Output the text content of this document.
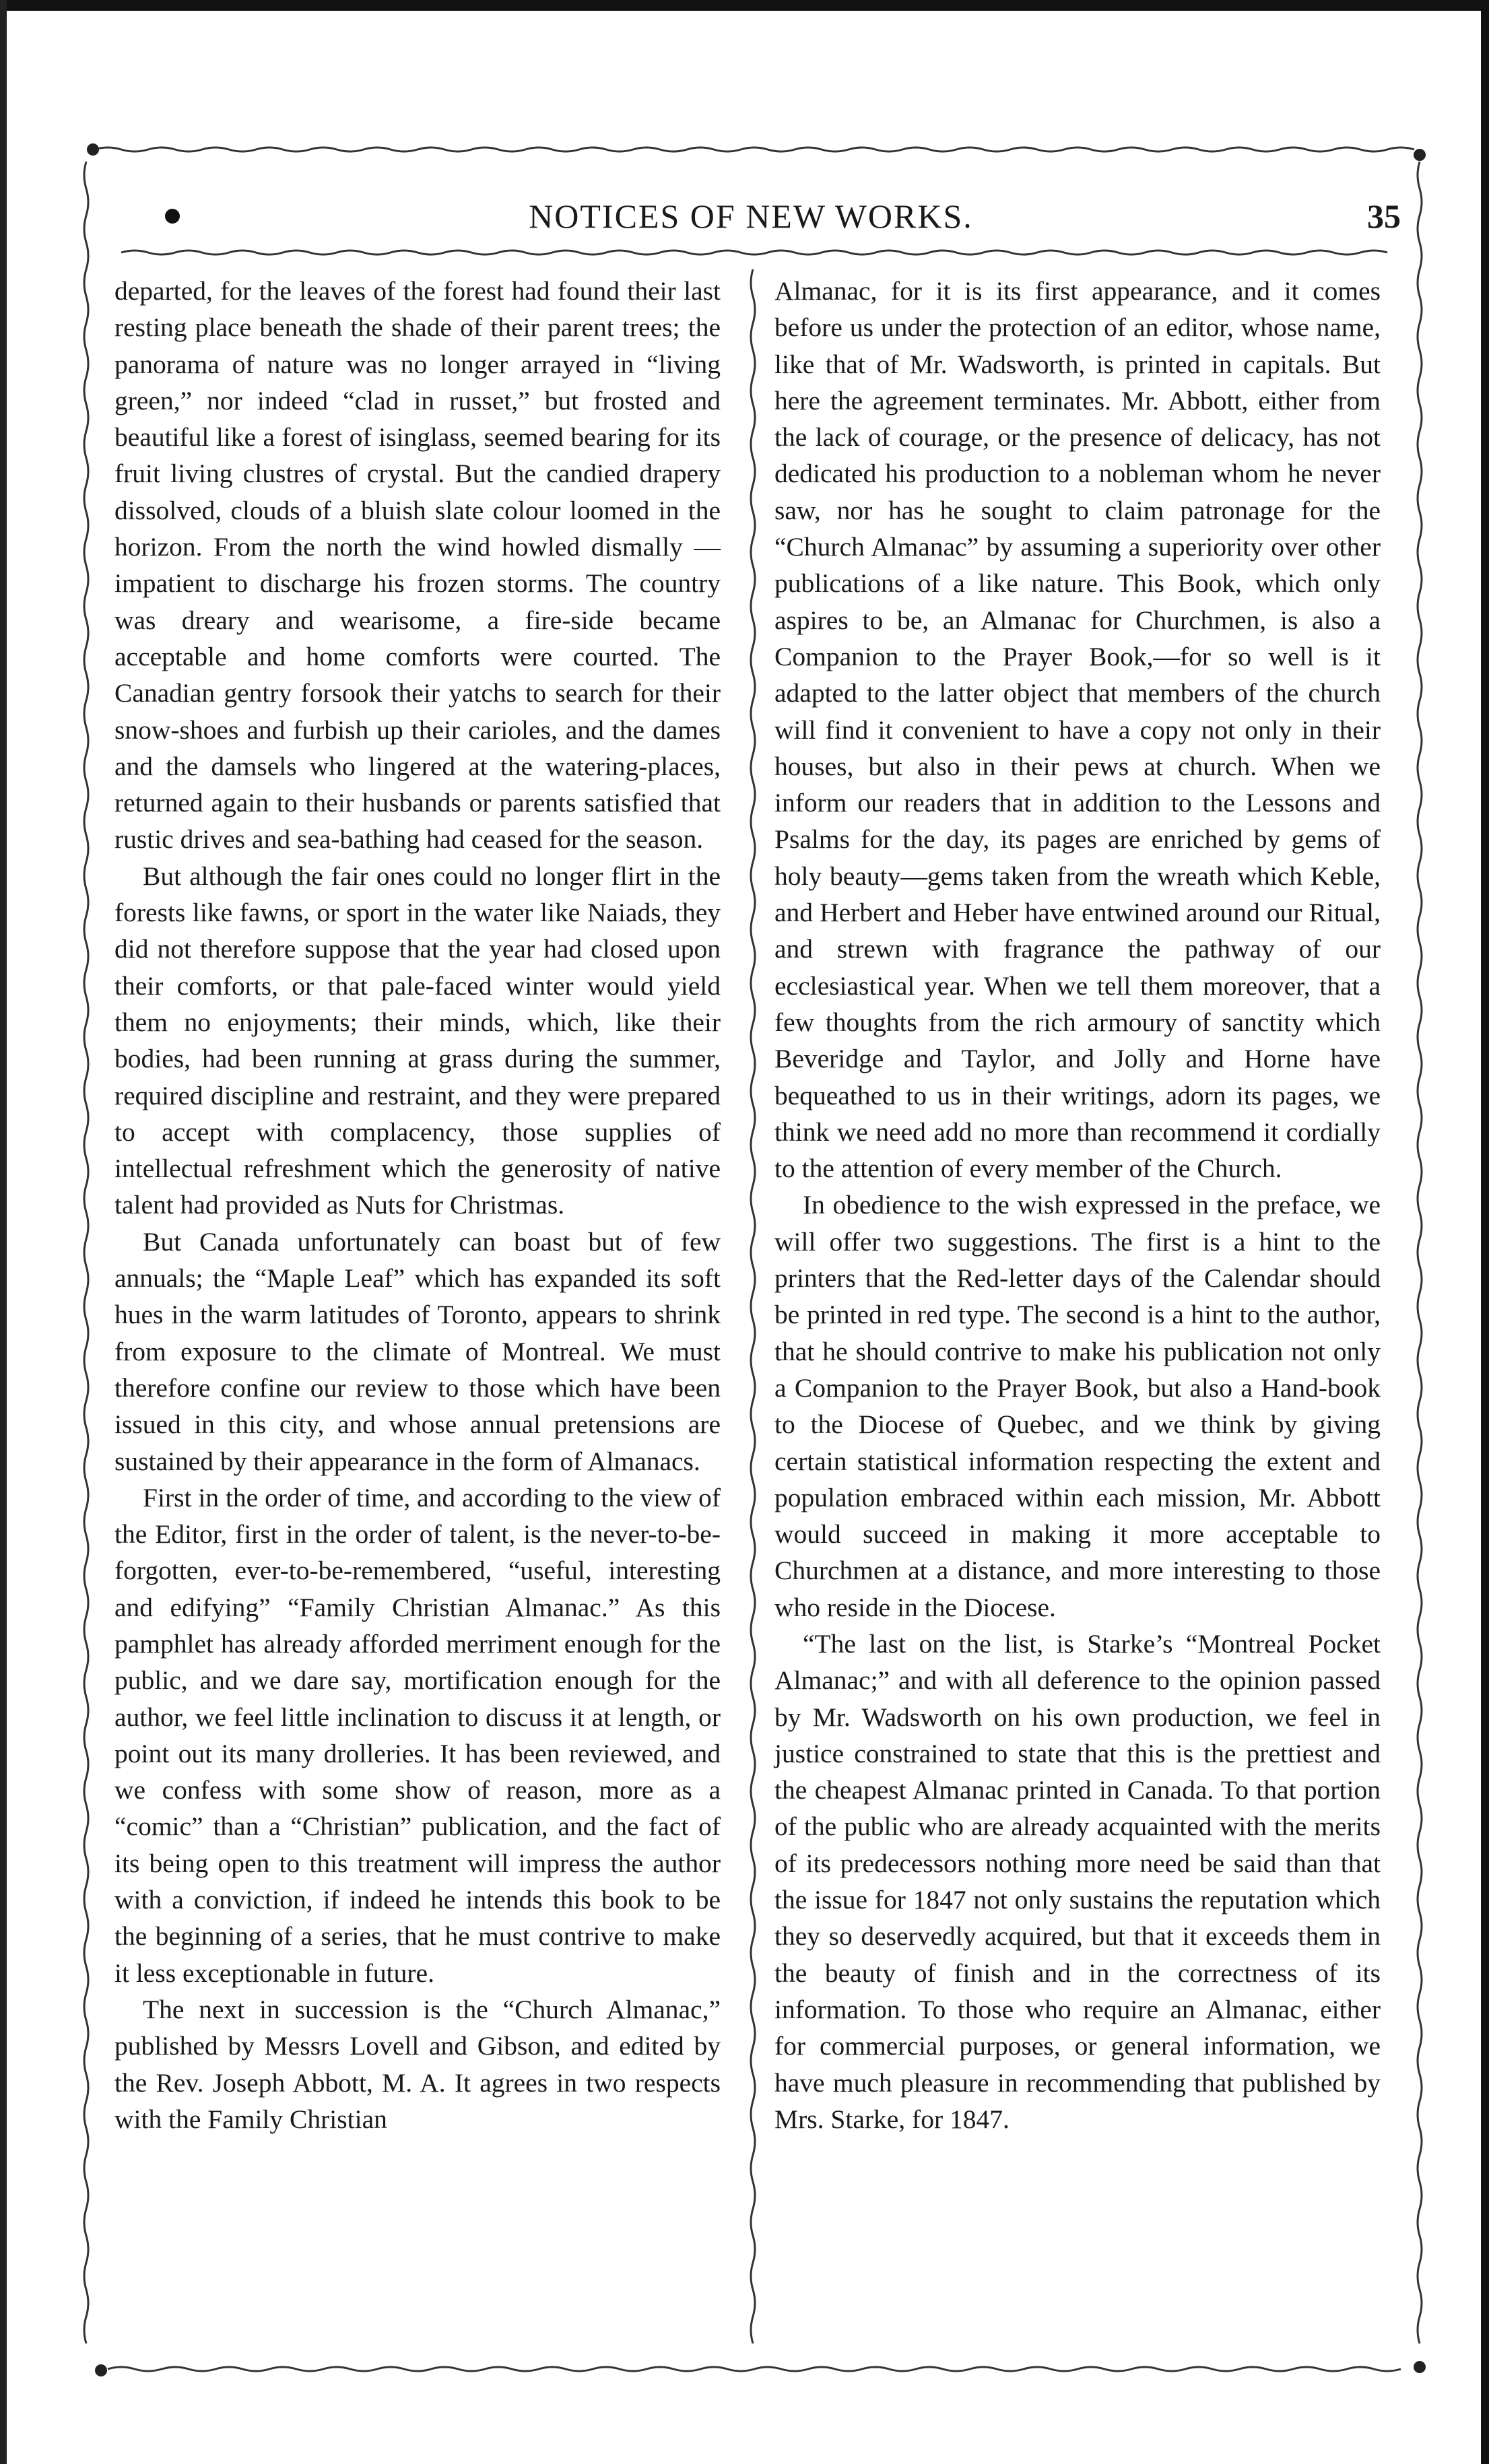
NOTICES OF NEW WORKS.	35

departed, for the leaves of the forest had found their last resting place beneath the shade of their parent trees; the panorama of nature was no longer arrayed in “living green,” nor indeed “clad in russet,” but frosted and beautiful like a forest of isinglass, seemed bearing for its fruit living clustres of crystal. But the candied drapery dissolved, clouds of a bluish slate colour loomed in the horizon. From the north the wind howled dismally —impatient to discharge his frozen storms. The country was dreary and wearisome, a fire-side became acceptable and home comforts were courted. The Canadian gentry forsook their yatchs to search for their snow-shoes and furbish up their carioles, and the dames and the damsels who lingered at the watering-places, returned again to their husbands or parents satisfied that rustic drives and sea-bathing had ceased for the season.

But although the fair ones could no longer flirt in the forests like fawns, or sport in the water like Naiads, they did not therefore suppose that the year had closed upon their comforts, or that pale-faced winter would yield them no enjoyments; their minds, which, like their bodies, had been running at grass during the summer, required discipline and restraint, and they were prepared to accept with complacency, those supplies of intellectual refreshment which the generosity of native talent had provided as Nuts for Christmas.

But Canada unfortunately can boast but of few annuals; the “Maple Leaf” which has expanded its soft hues in the warm latitudes of Toronto, appears to shrink from exposure to the climate of Montreal. We must therefore confine our review to those which have been issued in this city, and whose annual pretensions are sustained by their appearance in the form of Almanacs.

First in the order of time, and according to the view of the Editor, first in the order of talent, is the never-to-be-forgotten, ever-to-be-remembered, “useful, interesting and edifying” “Family Christian Almanac.” As this pamphlet has already afforded merriment enough for the public, and we dare say, mortification enough for the author, we feel little inclination to discuss it at length, or point out its many drolleries. It has been reviewed, and we confess with some show of reason, more as a “comic” than a “Christian” publication, and the fact of its being open to this treatment will impress the author with a conviction, if indeed he intends this book to be the beginning of a series, that he must contrive to make it less exceptionable in future.

The next in succession is the “Church Almanac,” published by Messrs Lovell and Gibson, and edited by the Rev. Joseph Abbott, M. A. It agrees in two respects with the Family Christian

Almanac, for it is its first appearance, and it comes before us under the protection of an editor, whose name, like that of Mr. Wadsworth, is printed in capitals. But here the agreement terminates. Mr. Abbott, either from the lack of courage, or the presence of delicacy, has not dedicated his production to a nobleman whom he never saw, nor has he sought to claim patronage for the “Church Almanac” by assuming a superiority over other publications of a like nature. This Book, which only aspires to be, an Almanac for Churchmen, is also a Companion to the Prayer Book,—for so well is it adapted to the latter object that members of the church will find it convenient to have a copy not only in their houses, but also in their pews at church. When we inform our readers that in addition to the Lessons and Psalms for the day, its pages are enriched by gems of holy beauty—gems taken from the wreath which Keble, and Herbert and Heber have entwined around our Ritual, and strewn with fragrance the pathway of our ecclesiastical year. When we tell them moreover, that a few thoughts from the rich armoury of sanctity which Beveridge and Taylor, and Jolly and Horne have bequeathed to us in their writings, adorn its pages, we think we need add no more than recommend it cordially to the attention of every member of the Church.

In obedience to the wish expressed in the preface, we will offer two suggestions. The first is a hint to the printers that the Red-letter days of the Calendar should be printed in red type. The second is a hint to the author, that he should contrive to make his publication not only a Companion to the Prayer Book, but also a Hand-book to the Diocese of Quebec, and we think by giving certain statistical information respecting the extent and population embraced within each mission, Mr. Abbott would succeed in making it more acceptable to Churchmen at a distance, and more interesting to those who reside in the Diocese.

“The last on the list, is Starke’s “Montreal Pocket Almanac;” and with all deference to the opinion passed by Mr. Wadsworth on his own production, we feel in justice constrained to state that this is the prettiest and the cheapest Almanac printed in Canada. To that portion of the public who are already acquainted with the merits of its predecessors nothing more need be said than that the issue for 1847 not only sustains the reputation which they so deservedly acquired, but that it exceeds them in the beauty of finish and in the correctness of its information. To those who require an Almanac, either for commercial purposes, or general information, we have much pleasure in recommending that published by Mrs. Starke, for 1847.
